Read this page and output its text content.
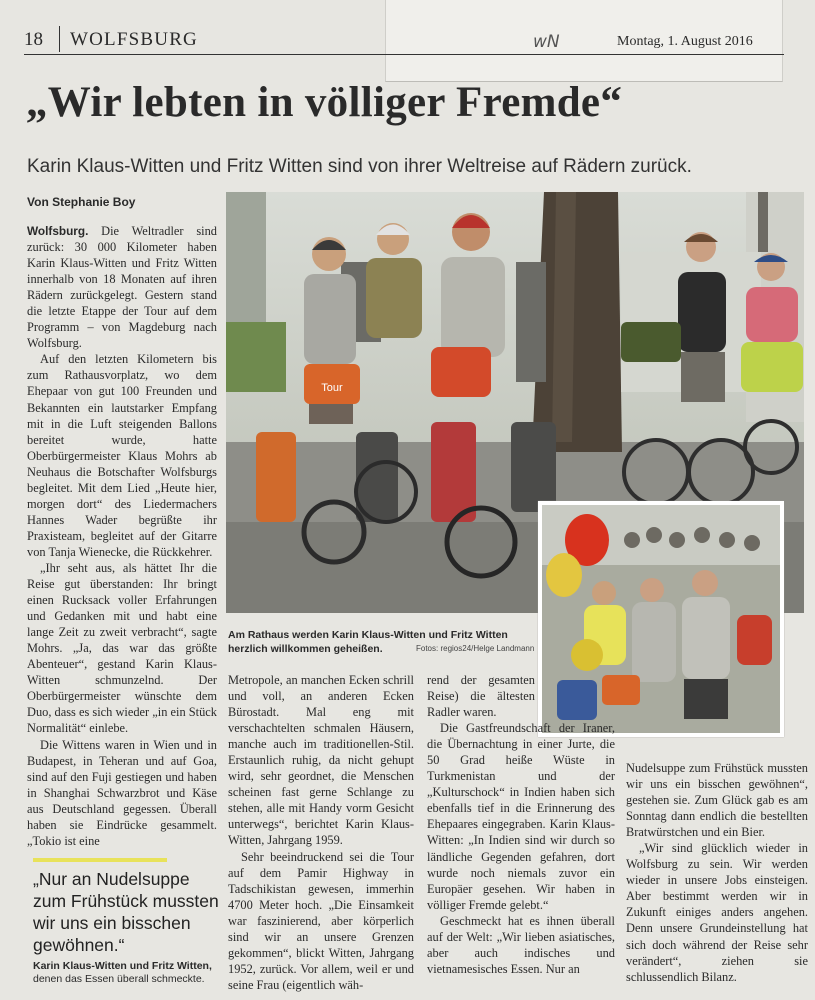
18 WOLFSBURG	wN	Montag, 1. August 2016
„Wir lebten in völliger Fremde“
Karin Klaus-Witten und Fritz Witten sind von ihrer Weltreise auf Rädern zurück.
Von Stephanie Boy

Wolfsburg. Die Weltradler sind zurück: 30 000 Kilometer haben Karin Klaus-Witten und Fritz Witten innerhalb von 18 Monaten auf ihren Rädern zurückgelegt. Gestern stand die letzte Etappe der Tour auf dem Programm – von Magdeburg nach Wolfsburg.

Auf den letzten Kilometern bis zum Rathausvorplatz, wo dem Ehepaar von gut 100 Freunden und Bekannten ein lautstarker Empfang mit in die Luft steigenden Ballons bereitet wurde, hatte Oberbürgermeister Klaus Mohrs ab Neuhaus die Botschafter Wolfsburgs begleitet. Mit dem Lied „Heute hier, morgen dort“ des Liedermachers Hannes Wader begrüßte ihr Praxisteam, begleitet auf der Gitarre von Tanja Wienecke, die Rückkehrer.

„Ihr seht aus, als hättet Ihr die Reise gut überstanden: Ihr bringt einen Rucksack voller Erfahrungen und Gedanken mit und habt eine lange Zeit zu zweit verbracht“, sagte Mohrs. „Ja, das war das größte Abenteuer“, gestand Karin Klaus-Witten schmunzelnd. Der Oberbürgermeister wünschte dem Duo, dass es sich wieder „in ein Stück Normalität“ einlebe.

Die Wittens waren in Wien und in Budapest, in Teheran und auf Goa, sind auf den Fuji gestiegen und haben in Shanghai Schwarzbrot und Käse aus Deutschland gegessen. Überall haben sie Eindrücke gesammelt. „Tokio ist eine

Tour
Am Rathaus werden Karin Klaus-Witten und Fritz Witten herzlich willkommen geheißen.	Fotos: regios24/Helge Landmann

Metropole, an manchen Ecken schrill und voll, an anderen Ecken Bürostadt. Mal eng mit verschachtelten schmalen Häusern, manche auch im traditionellen-Stil. Erstaunlich ruhig, da nicht gehupt wird, sehr geordnet, die Menschen scheinen fast gerne Schlange zu stehen, alle mit Handy vorm Gesicht unterwegs“, berichtet Karin Klaus-Witten, Jahrgang 1959.

Sehr beeindruckend sei die Tour auf dem Pamir Highway in Tadschikistan gewesen, immerhin 4700 Meter hoch. „Die Einsamkeit war faszinierend, aber körperlich sind wir an unsere Grenzen gekommen“, blickt Witten, Jahrgang 1952, zurück. Vor allem, weil er und seine Frau (eigentlich wäh-

rend der gesamten Reise) die ältesten Radler waren.

Die Gastfreundschaft der Iraner, die Übernachtung in einer Jurte, die 50 Grad heiße Wüste in Turkmenistan und der „Kulturschock“ in Indien haben sich ebenfalls tief in die Erinnerung des Ehepaares eingegraben. Karin Klaus-Witten: „In Indien sind wir durch so ländliche Gegenden gefahren, dort wurde noch niemals zuvor ein Europäer gesehen. Wir haben in völliger Fremde gelebt.“

Geschmeckt hat es ihnen überall auf der Welt: „Wir lieben asiatisches, aber auch indisches und vietnamesisches Essen. Nur an

Nudelsuppe zum Frühstück mussten wir uns ein bisschen gewöhnen“, gestehen sie. Zum Glück gab es am Sonntag dann endlich die bestellten Bratwürstchen und ein Bier.

„Wir sind glücklich wieder in Wolfsburg zu sein. Wir werden wieder in unsere Jobs einsteigen. Aber bestimmt werden wir in Zukunft einiges anders angehen. Denn unsere Grundeinstellung hat sich doch während der Reise sehr verändert“, ziehen sie schlussendlich Bilanz.

„Nur an Nudelsuppe zum Frühstück mussten wir uns ein bisschen gewöhnen.“
Karin Klaus-Witten und Fritz Witten,
denen das Essen überall schmeckte.
